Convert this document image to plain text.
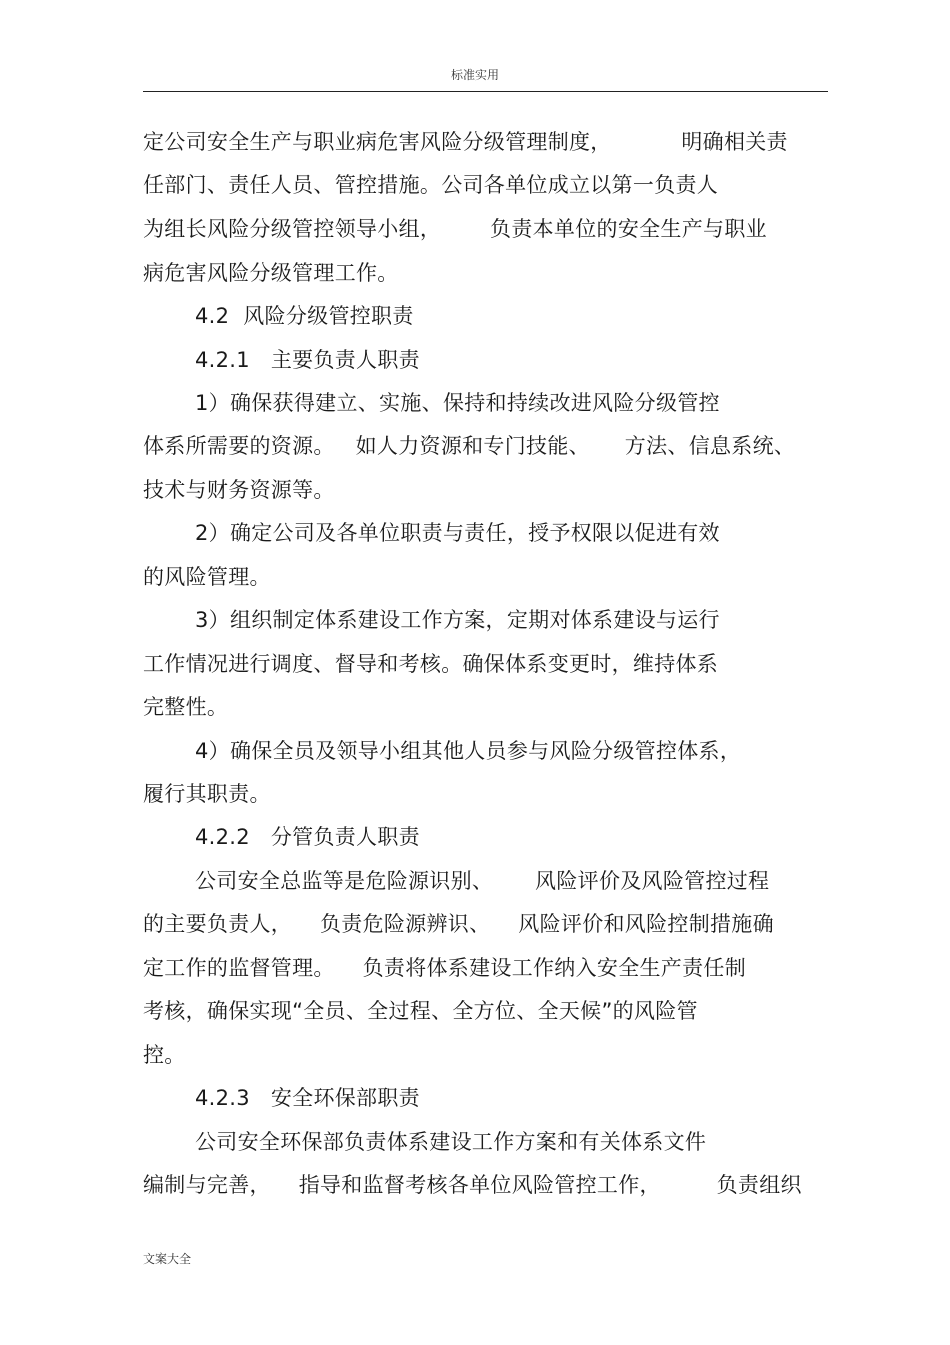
标准实用
定公司安全生产与职业病危害风险分级管理制度，          明确相关责
任部门、责任人员、管控措施。公司各单位成立以第一负责人
为组长风险分级管控领导小组，       负责本单位的安全生产与职业
病危害风险分级管理工作。
4.2  风险分级管控职责
4.2.1   主要负责人职责
1）确保获得建立、实施、保持和持续改进风险分级管控
体系所需要的资源。   如人力资源和专门技能、     方法、信息系统、
技术与财务资源等。
2）确定公司及各单位职责与责任，授予权限以促进有效
的风险管理。
3）组织制定体系建设工作方案，定期对体系建设与运行
工作情况进行调度、督导和考核。确保体系变更时，维持体系
完整性。
4）确保全员及领导小组其他人员参与风险分级管控体系，
履行其职责。
4.2.2   分管负责人职责
公司安全总监等是危险源识别、      风险评价及风险管控过程
的主要负责人，    负责危险源辨识、    风险评价和风险控制措施确
定工作的监督管理。    负责将体系建设工作纳入安全生产责任制
考核，确保实现“全员、全过程、全方位、全天候”的风险管
控。
4.2.3   安全环保部职责
公司安全环保部负责体系建设工作方案和有关体系文件
编制与完善，    指导和监督考核各单位风险管控工作，        负责组织
文案大全
